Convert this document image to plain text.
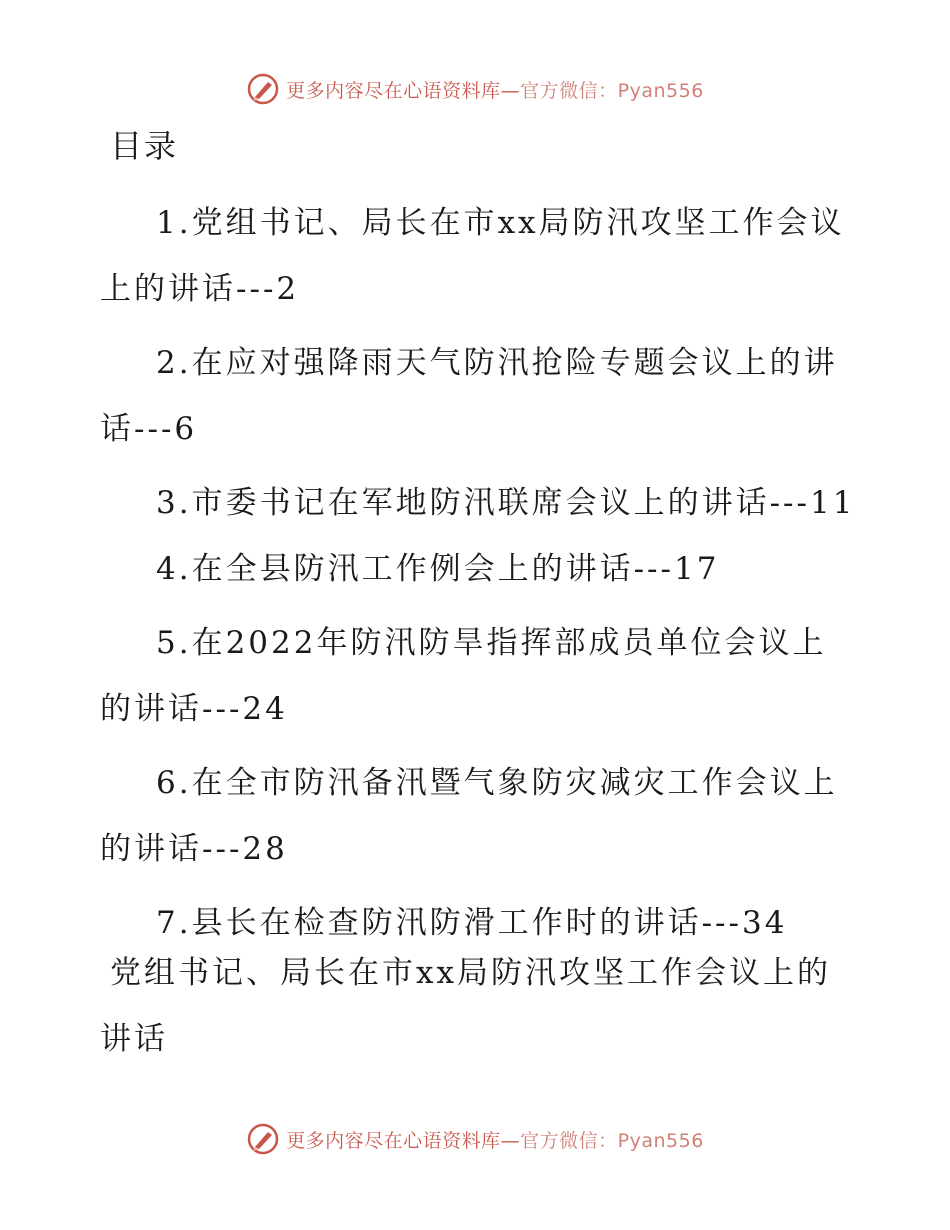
更多内容尽在心语资料库—官方微信：Pyan556
目录
1.党组书记、局长在市xx局防汛攻坚工作会议上的讲话---2
2.在应对强降雨天气防汛抢险专题会议上的讲话---6
3.市委书记在军地防汛联席会议上的讲话---11
4.在全县防汛工作例会上的讲话---17
5.在2022年防汛防旱指挥部成员单位会议上的讲话---24
6.在全市防汛备汛暨气象防灾减灾工作会议上的讲话---28
7.县长在检查防汛防滑工作时的讲话---34
党组书记、局长在市xx局防汛攻坚工作会议上的讲话
更多内容尽在心语资料库—官方微信：Pyan556
